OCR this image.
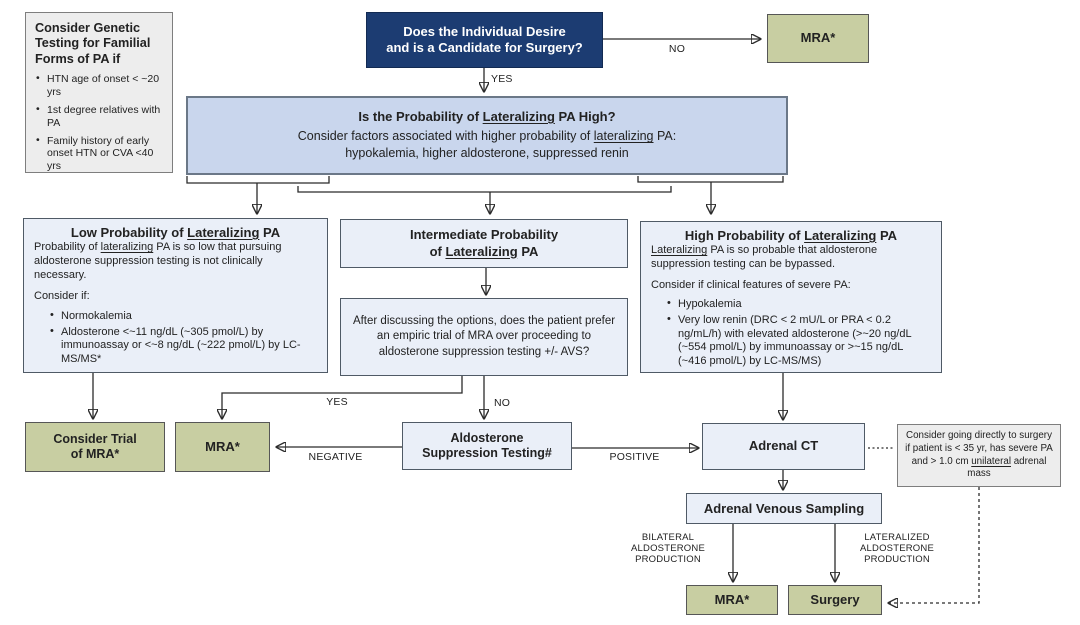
Consider Genetic Testing for Familial Forms of PA if
• HTN age of onset < ~20 yrs
• 1st degree relatives with PA
• Family history of early onset HTN or CVA <40 yrs
Does the Individual Desire
and is a Candidate for Surgery?
MRA*
Is the Probability of Lateralizing PA High?
Consider factors associated with higher probability of lateralizing PA:
hypokalemia, higher aldosterone, suppressed renin
Low Probability of Lateralizing PA
Probability of lateralizing PA is so low that pursuing aldosterone suppression testing is not clinically necessary.
Consider if:
• Normokalemia
• Aldosterone <~11 ng/dL (~305 pmol/L) by immunoassay or <~8 ng/dL (~222 pmol/L) by LC-MS/MS*
Intermediate Probability
of Lateralizing PA
After discussing the options, does the patient prefer an empiric trial of MRA over proceeding to aldosterone suppression testing +/- AVS?
High Probability of Lateralizing PA
Lateralizing PA is so probable that aldosterone suppression testing can be bypassed.
Consider if clinical features of severe PA:
• Hypokalemia
• Very low renin (DRC < 2 mU/L or PRA < 0.2 ng/mL/h) with elevated aldosterone (>~20 ng/dL (~554 pmol/L) by immunoassay or >~15 ng/dL (~416 pmol/L) by LC-MS/MS)
Consider Trial
of MRA*
MRA*
Aldosterone
Suppression Testing#	Adrenal CT
Consider going directly to surgery if patient is < 35 yr, has severe PA and > 1.0 cm unilateral adrenal mass
Adrenal Venous Sampling
MRA*	Surgery
NO
YES
YES	NO
NEGATIVE	POSITIVE
BILATERAL
ALDOSTERONE
PRODUCTION
LATERALIZED
ALDOSTERONE
PRODUCTION
